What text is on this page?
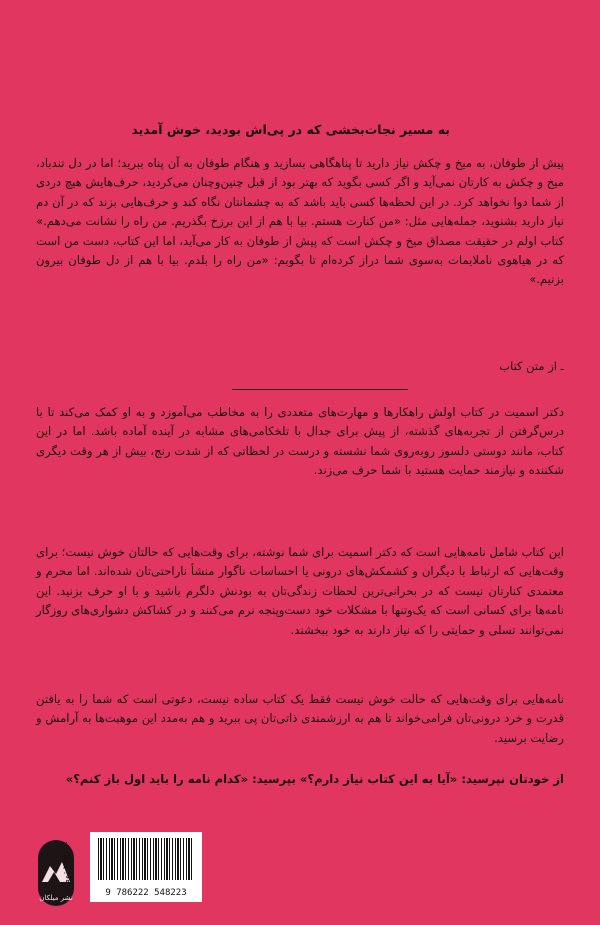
به مسیر نجات‌بخشی که در پی‌اش بودید، خوش آمدید

پیش از طوفان، به میخ و چکش نیاز دارید تا پناهگاهی بسازید و هنگام طوفان به آن پناه ببرید؛ اما در دل تندباد، میخ و چکش به کارتان نمی‌آید و اگر کسی بگوید که بهتر بود از قبل چنین‌وچنان می‌کردید، حرف‌هایش هیچ دردی از شما دوا نخواهد کرد. در این لحظه‌ها کسی باید باشد که به چشمانتان نگاه کند و حرف‌هایی بزند که در آن دم نیاز دارید بشنوید، جمله‌هایی مثل: «من کنارت هستم. بیا با هم از این برزخ بگذریم. من راه را نشانت می‌دهم.» کتاب اولم در حقیقت مصداق میخ و چکش است که پیش از طوفان به کار می‌آید، اما این کتاب، دست من است که در هیاهوی ناملایمات به‌سوی شما دراز کرده‌ام تا بگویم: «من راه را بلدم. بیا با هم از دل طوفان بیرون بزنیم.»

ـ از متن کتاب

دکتر اسمیت در کتاب اولش راهکارها و مهارت‌های متعددی را به مخاطب می‌آموزد و به او کمک می‌کند تا با درس‌گرفتن از تجربه‌های گذشته، از پیش برای جدال با تلخکامی‌های مشابه در آینده آماده باشد. اما در این کتاب، مانند دوستی دلسوز روبه‌روی شما نشسته و درست در لحظاتی که از شدت رنج، بیش از هر وقت دیگری شکننده و نیازمند حمایت هستید با شما حرف می‌زند.

این کتاب شامل نامه‌هایی است که دکتر اسمیت برای شما نوشته، برای وقت‌هایی که حالتان خوش نیست؛ برای وقت‌هایی که ارتباط با دیگران و کشمکش‌های درونی یا احساسات ناگوار منشأ ناراحتی‌تان شده‌اند. اما محرم و معتمدی کنارتان نیست که در بحرانی‌ترین لحظات زندگی‌تان به بودنش دلگرم باشید و با او حرف بزنید. این نامه‌ها برای کسانی است که یک‌وتنها با مشکلات خود دست‌وپنجه نرم می‌کنند و در کشاکش دشواری‌های روزگار نمی‌توانند تسلی و حمایتی را که نیاز دارند به خود ببخشند.

نامه‌هایی برای وقت‌هایی که حالت خوش نیست فقط یک کتاب ساده نیست، دعوتی است که شما را به یافتن قدرت و خرد درونی‌تان فرامی‌خواند تا هم به ارزشمندی ذاتی‌تان پی ببرید و هم به‌مدد این موهبت‌ها به آرامش و رضایت برسید.

از خودتان نپرسید: «آیا به این کتاب نیاز دارم؟» بپرسید: «کدام نامه را باید اول باز کنم؟»

نشر میلکان	9 786222 548223
۲۴۵۰۰۰ تومان
